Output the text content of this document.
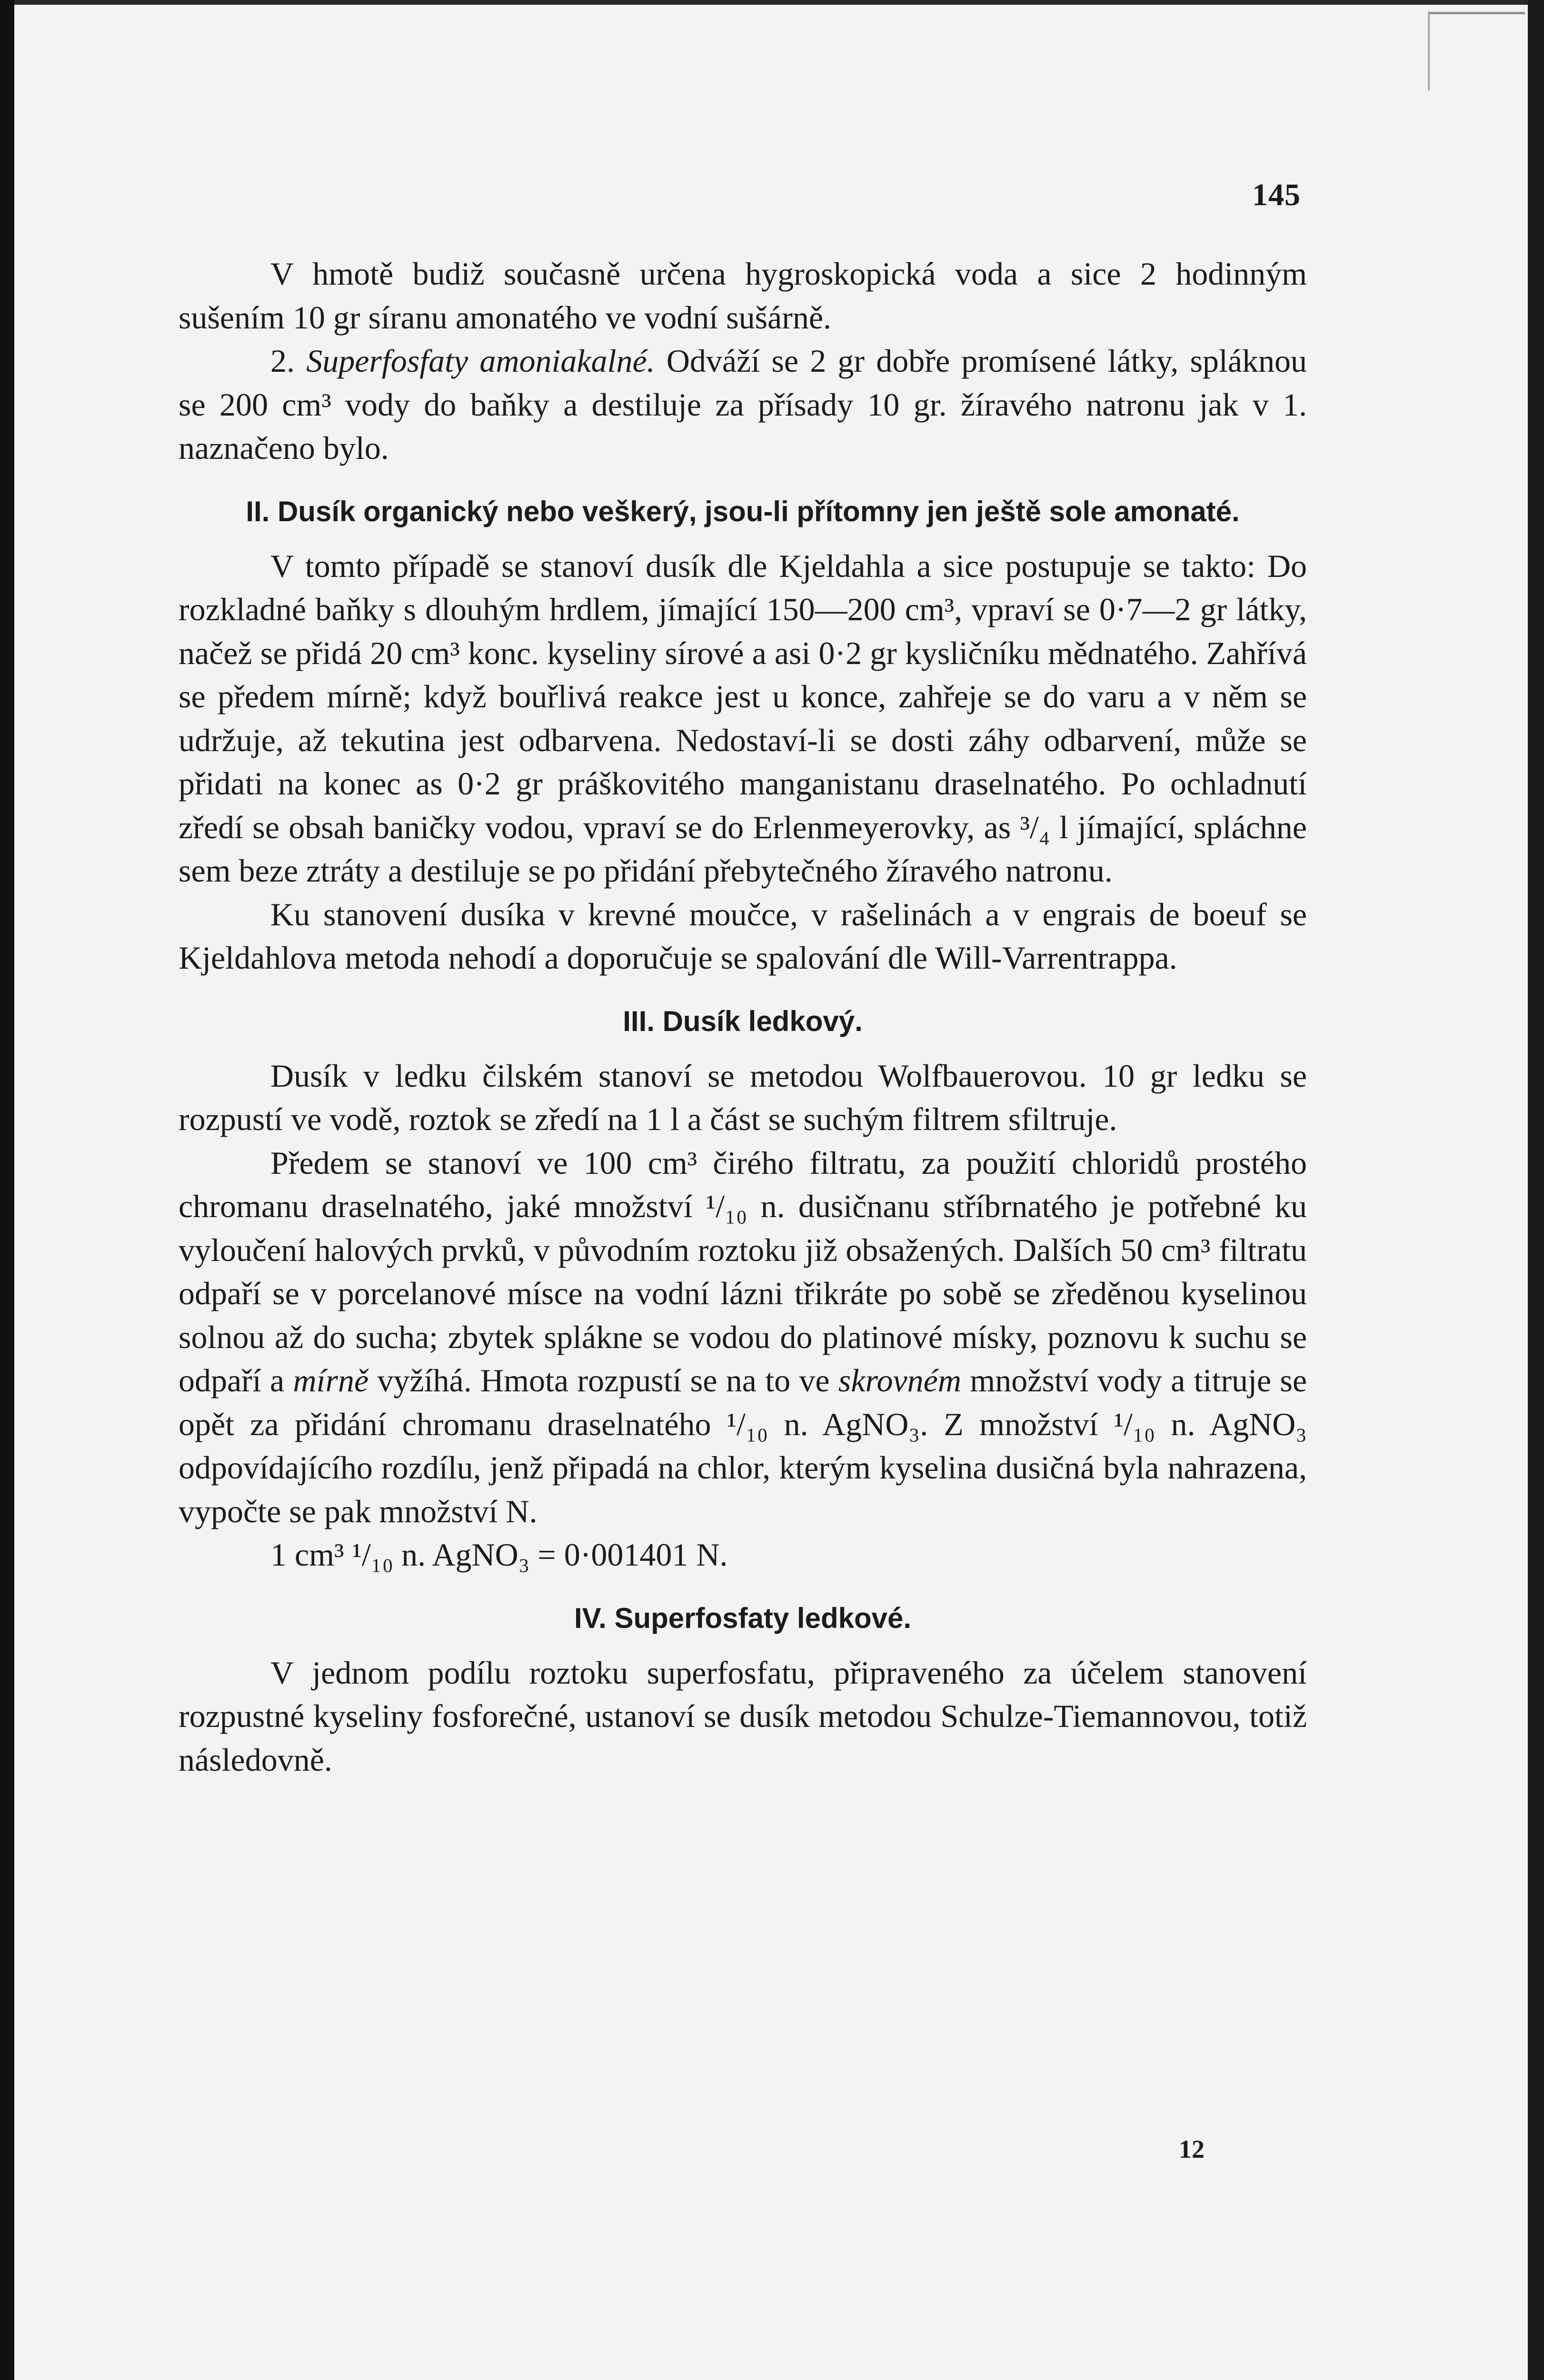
145

V hmotě budiž současně určena hygroskopická voda a sice 2 hodinným sušením 10 gr síranu amonatého ve vodní sušárně.

2. Superfosfaty amoniakalné. Odváží se 2 gr dobře promísené látky, spláknou se 200 cm³ vody do baňky a destiluje za přísady 10 gr. žíravého natronu jak v 1. naznačeno bylo.

II. Dusík organický nebo veškerý, jsou-li přítomny jen ještě sole amonaté.

V tomto případě se stanoví dusík dle Kjeldahla a sice postupuje se takto: Do rozkladné baňky s dlouhým hrdlem, jímající 150—200 cm³, vpraví se 0·7—2 gr látky, načež se přidá 20 cm³ konc. kyseliny sírové a asi 0·2 gr kysličníku mědnatého. Zahřívá se předem mírně; když bouřlivá reakce jest u konce, zahřeje se do varu a v něm se udržuje, až tekutina jest odbarvena. Nedostaví-li se dosti záhy odbarvení, může se přidati na konec as 0·2 gr práškovitého manganistanu draselnatého. Po ochladnutí zředí se obsah baničky vodou, vpraví se do Erlenmeyerovky, as ³/₄ l jímající, spláchne sem beze ztráty a destiluje se po přidání přebytečného žíravého natronu.

Ku stanovení dusíka v krevné moučce, v rašelinách a v engrais de boeuf se Kjeldahlova metoda nehodí a doporučuje se spalování dle Will-Varrentrappa.

III. Dusík ledkový.

Dusík v ledku čilském stanoví se metodou Wolfbauerovou. 10 gr ledku se rozpustí ve vodě, roztok se zředí na 1 l a část se suchým filtrem sfiltruje.

Předem se stanoví ve 100 cm³ čirého filtratu, za použití chloridů prostého chromanu draselnatého, jaké množství ¹/₁₀ n. dusičnanu stříbrnatého je potřebné ku vyloučení halových prvků, v původním roztoku již obsažených. Dalších 50 cm³ filtratu odpaří se v porcelanové mísce na vodní lázni třikráte po sobě se zředěnou kyselinou solnou až do sucha; zbytek spláknе se vodou do platinové mísky, poznovu k suchu se odpaří a mírně vyžíhá. Hmota rozpustí se na to ve skrovném množství vody a titruje se opět za přidání chromanu draselnatého ¹/₁₀ n. AgNO₃. Z množství ¹/₁₀ n. AgNO₃ odpovídajícího rozdílu, jenž připadá na chlor, kterým kyselina dusičná byla nahrazena, vypočte se pak množství N.

1 cm³ ¹/₁₀ n. AgNO₃ = 0·001401 N.

IV. Superfosfaty ledkové.

V jednom podílu roztoku superfosfatu, připraveného za účelem stanovení rozpustné kyseliny fosforečné, ustanoví se dusík metodou Schulze-Tiemannovou, totiž následovně.

12
